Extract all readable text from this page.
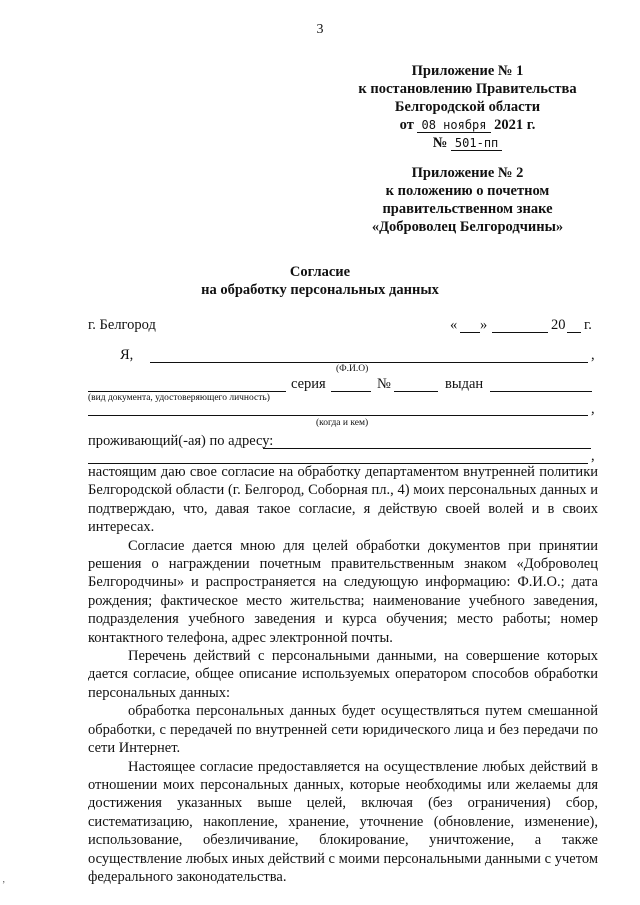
3
Приложение № 1
к постановлению Правительства
Белгородской области
от 08 ноября 2021 г.
№ 501-пп
Приложение № 2
к положению о почетном
правительственном знаке
«Доброволец Белгородчины»
Согласие
на обработку персональных данных
г. Белгород	« »	20 г.
Я,	,
(Ф.И.О)
серия	№	выдан
(вид документа, удостоверяющего личность)
,
(когда и кем)
проживающий(-ая) по адресу:
,

настоящим даю свое согласие на обработку департаментом внутренней политики Белгородской области (г. Белгород, Соборная пл., 4) моих персональных данных и подтверждаю, что, давая такое согласие, я действую своей волей и в своих интересах.

Согласие дается мною для целей обработки документов при принятии решения о награждении почетным правительственным знаком «Доброволец Белгородчины» и распространяется на следующую информацию: Ф.И.О.; дата рождения; фактическое место жительства; наименование учебного заведения, подразделения учебного заведения и курса обучения; место работы; номер контактного телефона, адрес электронной почты.

Перечень действий с персональными данными, на совершение которых дается согласие, общее описание используемых оператором способов обработки персональных данных:

обработка персональных данных будет осуществляться путем смешанной обработки, с передачей по внутренней сети юридического лица и без передачи по сети Интернет.

Настоящее согласие предоставляется на осуществление любых действий в отношении моих персональных данных, которые необходимы или желаемы для достижения указанных выше целей, включая (без ограничения) сбор, систематизацию, накопление, хранение, уточнение (обновление, изменение), использование, обезличивание, блокирование, уничтожение, а также осуществление любых иных действий с моими персональными данными с учетом федерального законодательства.

’
